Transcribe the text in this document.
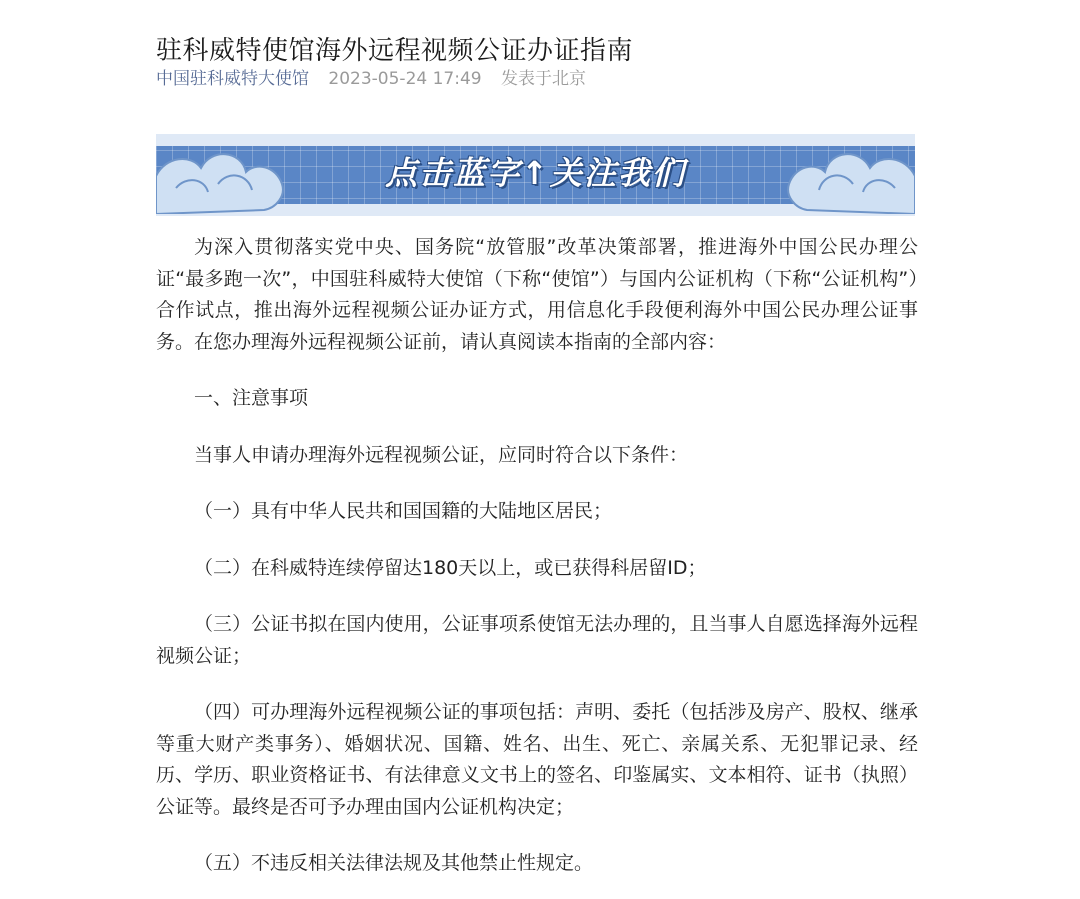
驻科威特使馆海外远程视频公证办证指南
中国驻科威特大使馆 2023-05-24 17:49 发表于北京
点击蓝字↑关注我们

为深入贯彻落实党中央、国务院“放管服”改革决策部署，推进海外中国公民办理公证“最多跑一次”，中国驻科威特大使馆（下称“使馆”）与国内公证机构（下称“公证机构”）合作试点，推出海外远程视频公证办证方式，用信息化手段便利海外中国公民办理公证事务。在您办理海外远程视频公证前，请认真阅读本指南的全部内容：

一、注意事项

当事人申请办理海外远程视频公证，应同时符合以下条件：

（一）具有中华人民共和国国籍的大陆地区居民；

（二）在科威特连续停留达180天以上，或已获得科居留ID；

（三）公证书拟在国内使用，公证事项系使馆无法办理的，且当事人自愿选择海外远程视频公证；

（四）可办理海外远程视频公证的事项包括：声明、委托（包括涉及房产、股权、继承等重大财产类事务）、婚姻状况、国籍、姓名、出生、死亡、亲属关系、无犯罪记录、经历、学历、职业资格证书、有法律意义文书上的签名、印鉴属实、文本相符、证书（执照）公证等。最终是否可予办理由国内公证机构决定；

（五）不违反相关法律法规及其他禁止性规定。
